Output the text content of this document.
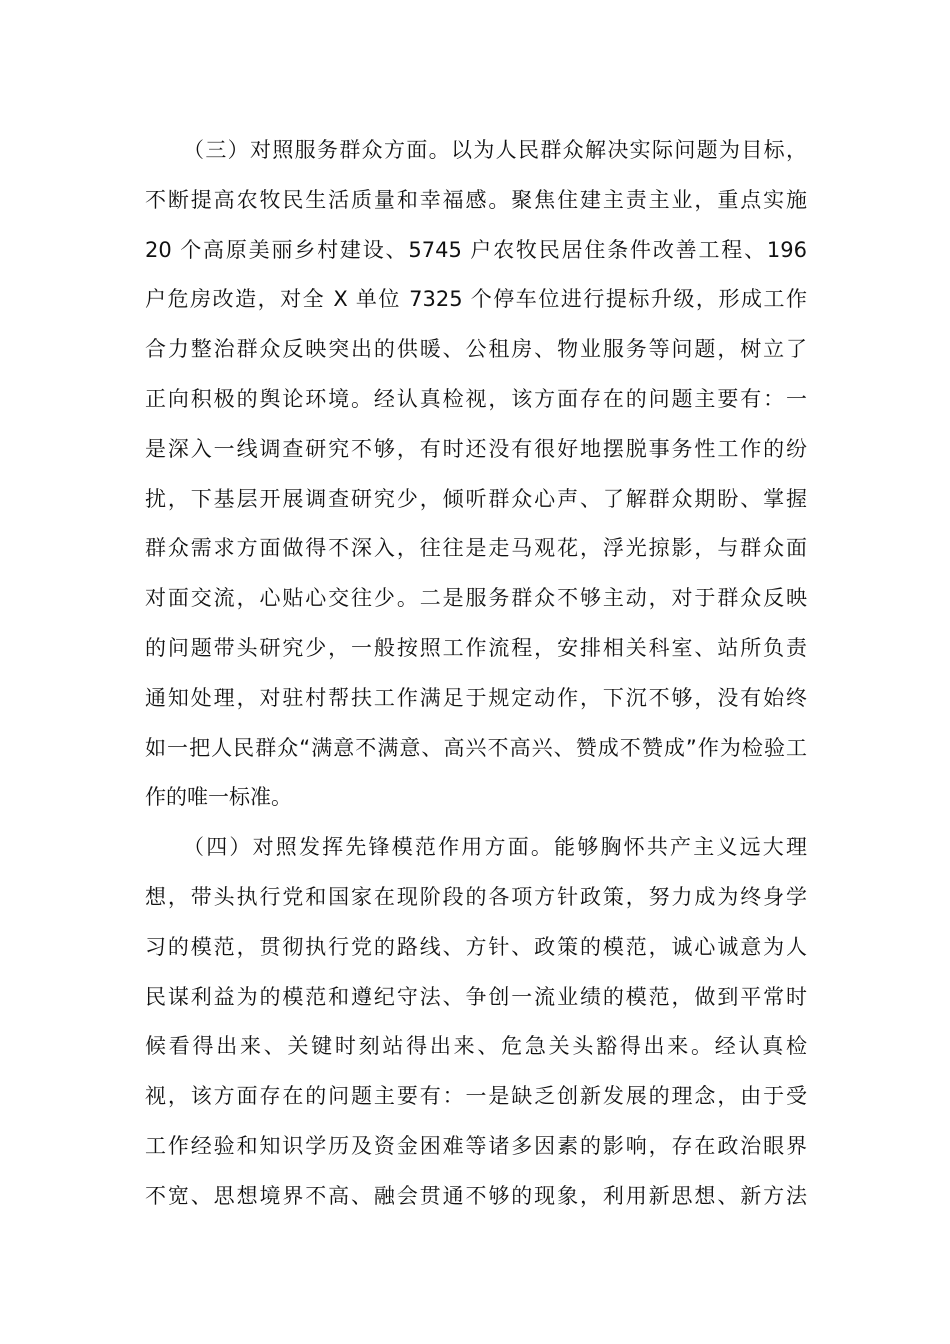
（三）对照服务群众方面。以为人民群众解决实际问题为目标，
不断提高农牧民生活质量和幸福感。聚焦住建主责主业，重点实施
20 个高原美丽乡村建设、5745 户农牧民居住条件改善工程、196
户危房改造，对全 X 单位 7325 个停车位进行提标升级，形成工作
合力整治群众反映突出的供暖、公租房、物业服务等问题，树立了
正向积极的舆论环境。经认真检视，该方面存在的问题主要有：一
是深入一线调查研究不够，有时还没有很好地摆脱事务性工作的纷
扰，下基层开展调查研究少，倾听群众心声、了解群众期盼、掌握
群众需求方面做得不深入，往往是走马观花，浮光掠影，与群众面
对面交流，心贴心交往少。二是服务群众不够主动，对于群众反映
的问题带头研究少，一般按照工作流程，安排相关科室、站所负责
通知处理，对驻村帮扶工作满足于规定动作，下沉不够，没有始终
如一把人民群众“满意不满意、高兴不高兴、赞成不赞成”作为检验工
作的唯一标准。
（四）对照发挥先锋模范作用方面。能够胸怀共产主义远大理
想，带头执行党和国家在现阶段的各项方针政策，努力成为终身学
习的模范，贯彻执行党的路线、方针、政策的模范，诚心诚意为人
民谋利益为的模范和遵纪守法、争创一流业绩的模范，做到平常时
候看得出来、关键时刻站得出来、危急关头豁得出来。经认真检
视，该方面存在的问题主要有：一是缺乏创新发展的理念，由于受
工作经验和知识学历及资金困难等诸多因素的影响，存在政治眼界
不宽、思想境界不高、融会贯通不够的现象，利用新思想、新方法
